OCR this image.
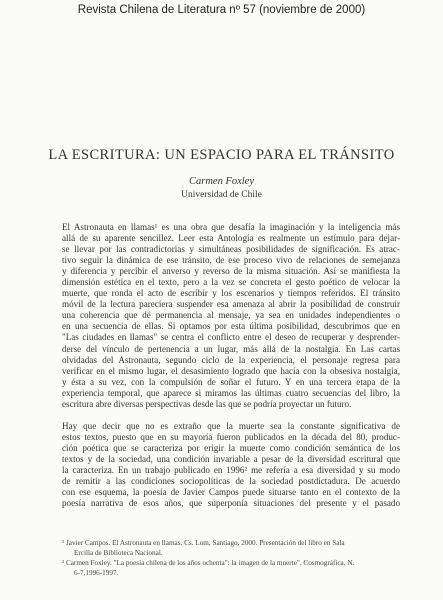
Revista Chilena de Literatura nº 57 (noviembre de 2000)
LA ESCRITURA: UN ESPACIO PARA EL TRÁNSITO
Carmen Foxley
Universidad de Chile
El Astronauta en llamas¹ es una obra que desafía la imaginación y la inteligencia más
allá de su aparente sencillez. Leer esta Antología es realmente un estímulo para dejar-
se llevar por las contradictorias y simultáneas posibilidades de significación. Es atrac-
tivo seguir la dinámica de ese tránsito, de ese proceso vivo de relaciones de semejanza
y diferencia y percibir el anverso y reverso de la misma situación. Así se manifiesta la
dimensión estética en el texto, pero a la vez se concreta el gesto poético de velocar la
muerte, que ronda el acto de escribir y los escenarios y tiempos referidos. El tránsito
móvil de la lectura pareciera suspender esa amenaza al abrir la posibilidad de construir
una coherencia que dé permanencia al mensaje, ya sea en unidades independientes o
en una secuencia de ellas. Si optamos por esta última posibilidad, descubrimos que en
"Las ciudades en llamas" se centra el conflicto entre el deseo de recuperar y desprender-
derse del vínculo de pertenencia a un lugar, más allá de la nostalgia. En Las cartas
olvidadas del Astronauta, segundo ciclo de la experiencia, el personaje regresa para
verificar en el mismo lugar, el desasimiento logrado que hacía con la obsesiva nostalgia,
y ésta a su vez, con la compulsión de soñar el futuro. Y en una tercera etapa de la
experiencia temporal, que aparece si miramos las últimas cuatro secuencias del libro, la
escritura abre diversas perspectivas desde las que se podría proyectar un futuro.
Hay que decir que no es extraño que la muerte sea la constante significativa de
estos textos, puesto que en su mayoría fueron publicados en la década del 80, produc-
ción poética que se caracteriza por erigir la muerte como condición semántica de los
textos y de la sociedad, una condición invariable a pesar de la diversidad escritural que
la caracteriza. En un trabajo publicado en 1996² me refería a esa diversidad y su modo
de remitir a las condiciones sociopolíticas de la sociedad postdictadura. De acuerdo
con ese esquema, la poesía de Javier Campos puede situarse tanto en el contexto de la
poesía narrativa de esos años, que superponía situaciones del presente y el pasado
¹ Javier Campos. El Astronauta en llamas. Cs. Lom, Santiago, 2000. Presentación del libro en Sala
Ercilla de Biblioteca Nacional.
² Carmen Foxley. "La poesía chilena de los años ochenta": la imagen de la muerte". Cosmográfica, N.
6-7,1996-1997.
